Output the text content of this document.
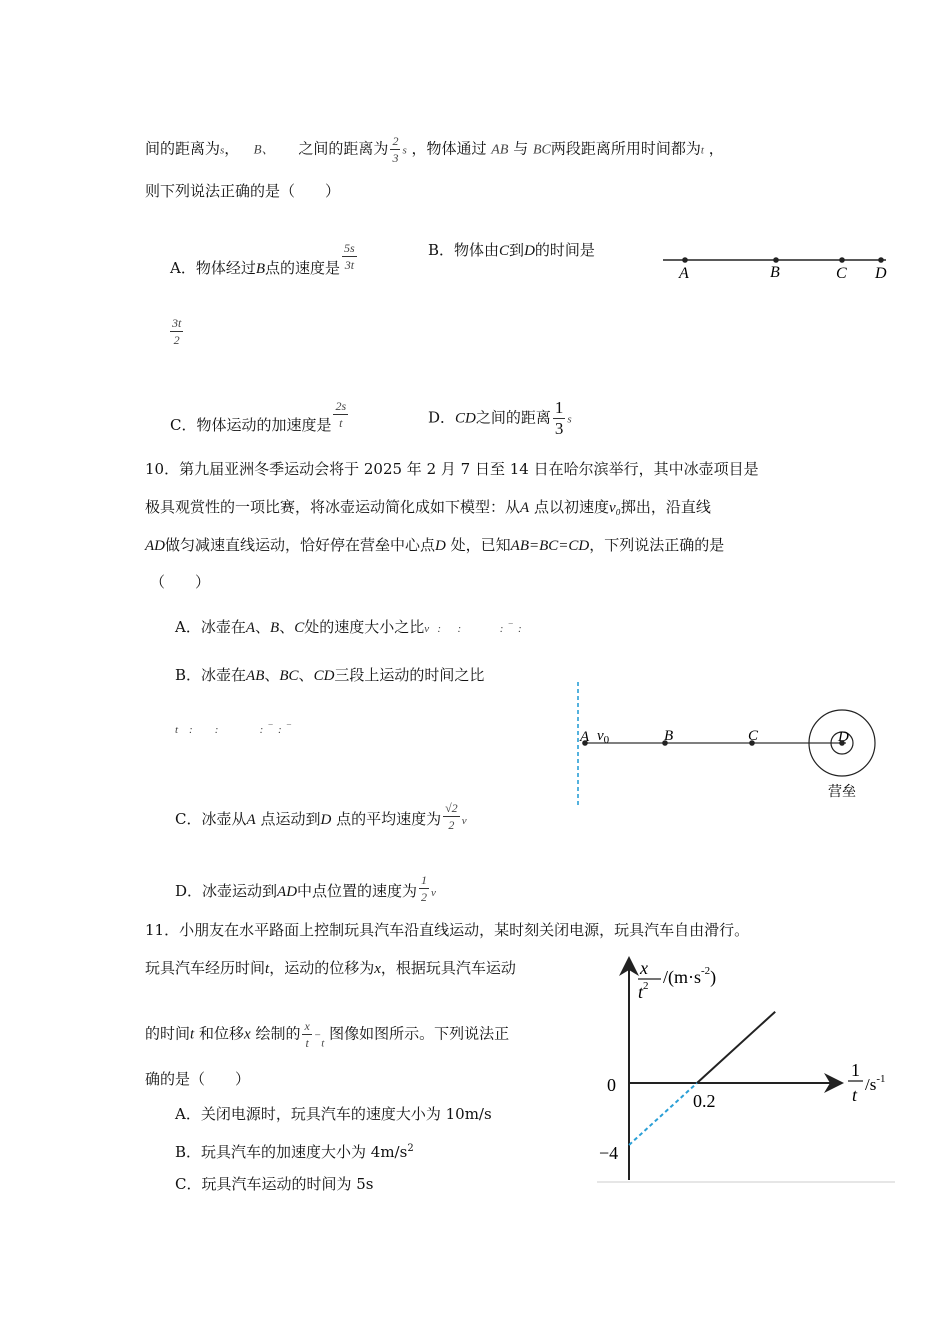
间的距离为s， B、 之间的距离为 $\frac{2}{3}$ s ，物体通过 AB 与 BC两段距离所用时间都为t ，
则下列说法正确的是（　　）
A．物体经过B点的速度是 $\frac{5s}{3t}$	B．物体由C到D的时间是
$\frac{3t}{2}$
C．物体运动的加速度是 $\frac{2s}{t}$	D．CD之间的距离 $\frac{1}{3}$ s
A	B	C D
10．第九届亚洲冬季运动会将于 2025 年 2 月 7 日至 14 日在哈尔滨举行，其中冰壶项目是
极具观赏性的一项比赛，将冰壶运动简化成如下模型：从A 点以初速度v₀掷出，沿直线
AD做匀减速直线运动，恰好停在营垒中心点D 处，已知AB=BC=CD，下列说法正确的是
（　　）
A．冰壶在A、B、C处的速度大小之比v   :      :              :  ‾  :
B．冰壶在AB、BC、CD三段上运动的时间之比
t    :        :               :  ‾  :  ‾
C．冰壶从A 点运动到D 点的平均速度为 $\frac{√2}{2}$ v
D．冰壶运动到AD中点位置的速度为 $\frac{1}{2}$ v
A $v_0$	B	C	D
营垒
11．小朋友在水平路面上控制玩具汽车沿直线运动，某时刻关闭电源，玩具汽车自由滑行。
玩具汽车经历时间t，运动的位移为x，根据玩具汽车运动
的时间t 和位移x 绘制的 $\frac{x}{t} -_t$ 图像如图所示。下列说法正
确的是（　　）
A．关闭电源时，玩具汽车的速度大小为 10m/s
B．玩具汽车的加速度大小为 $4m/s^2$
C．玩具汽车运动的时间为 5s
x
$t^2$ $/(m\cdot s^{-2})$
1
t
$/s^{-1}$
0
0.2
−4
